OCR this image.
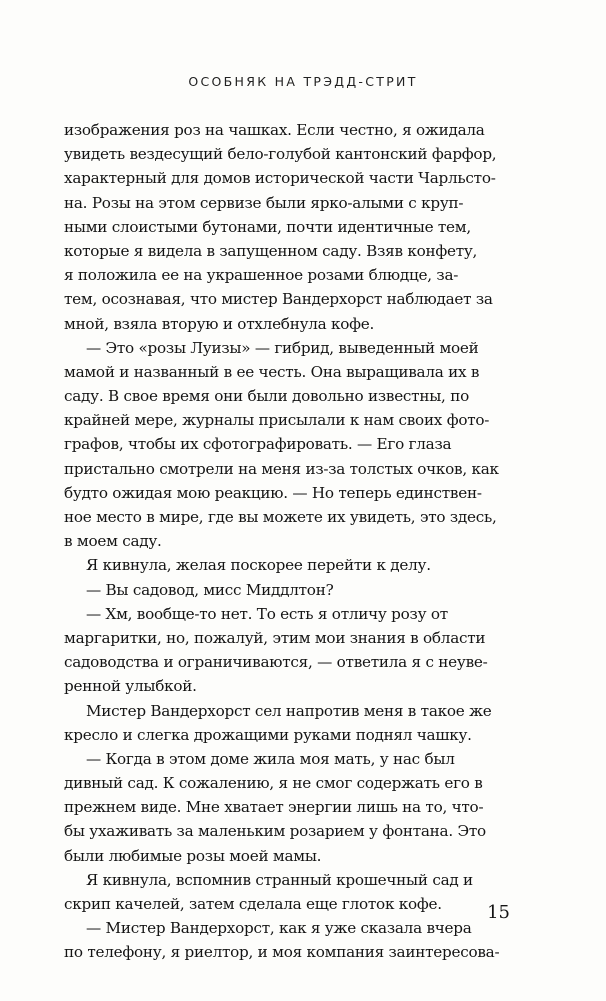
ОСОБНЯК НА ТРЭДД-СТРИТ
изображения роз на чашках. Если честно, я ожидала
увидеть вездесущий бело-голубой кантонский фарфор,
характерный для домов исторической части Чарльсто-
на. Розы на этом сервизе были ярко-алыми с круп-
ными слоистыми бутонами, почти идентичные тем,
которые я видела в запущенном саду. Взяв конфету,
я положила ее на украшенное розами блюдце, за-
тем, осознавая, что мистер Вандерхорст наблюдает за
мной, взяла вторую и отхлебнула кофе.
— Это «розы Луизы» — гибрид, выведенный моей
мамой и названный в ее честь. Она выращивала их в
саду. В свое время они были довольно известны, по
крайней мере, журналы присылали к нам своих фото-
графов, чтобы их сфотографировать. — Его глаза
пристально смотрели на меня из-за толстых очков, как
будто ожидая мою реакцию. — Но теперь единствен-
ное место в мире, где вы можете их увидеть, это здесь,
в моем саду.
Я кивнула, желая поскорее перейти к делу.
— Вы садовод, мисс Миддлтон?
— Хм, вообще-то нет. То есть я отличу розу от
маргаритки, но, пожалуй, этим мои знания в области
садоводства и ограничиваются, — ответила я с неуве-
ренной улыбкой.
Мистер Вандерхорст сел напротив меня в такое же
кресло и слегка дрожащими руками поднял чашку.
— Когда в этом доме жила моя мать, у нас был
дивный сад. К сожалению, я не смог содержать его в
прежнем виде. Мне хватает энергии лишь на то, что-
бы ухаживать за маленьким розарием у фонтана. Это
были любимые розы моей мамы.
Я кивнула, вспомнив странный крошечный сад и
скрип качелей, затем сделала еще глоток кофе.
— Мистер Вандерхорст, как я уже сказала вчера
по телефону, я риелтор, и моя компания заинтересова-
15
